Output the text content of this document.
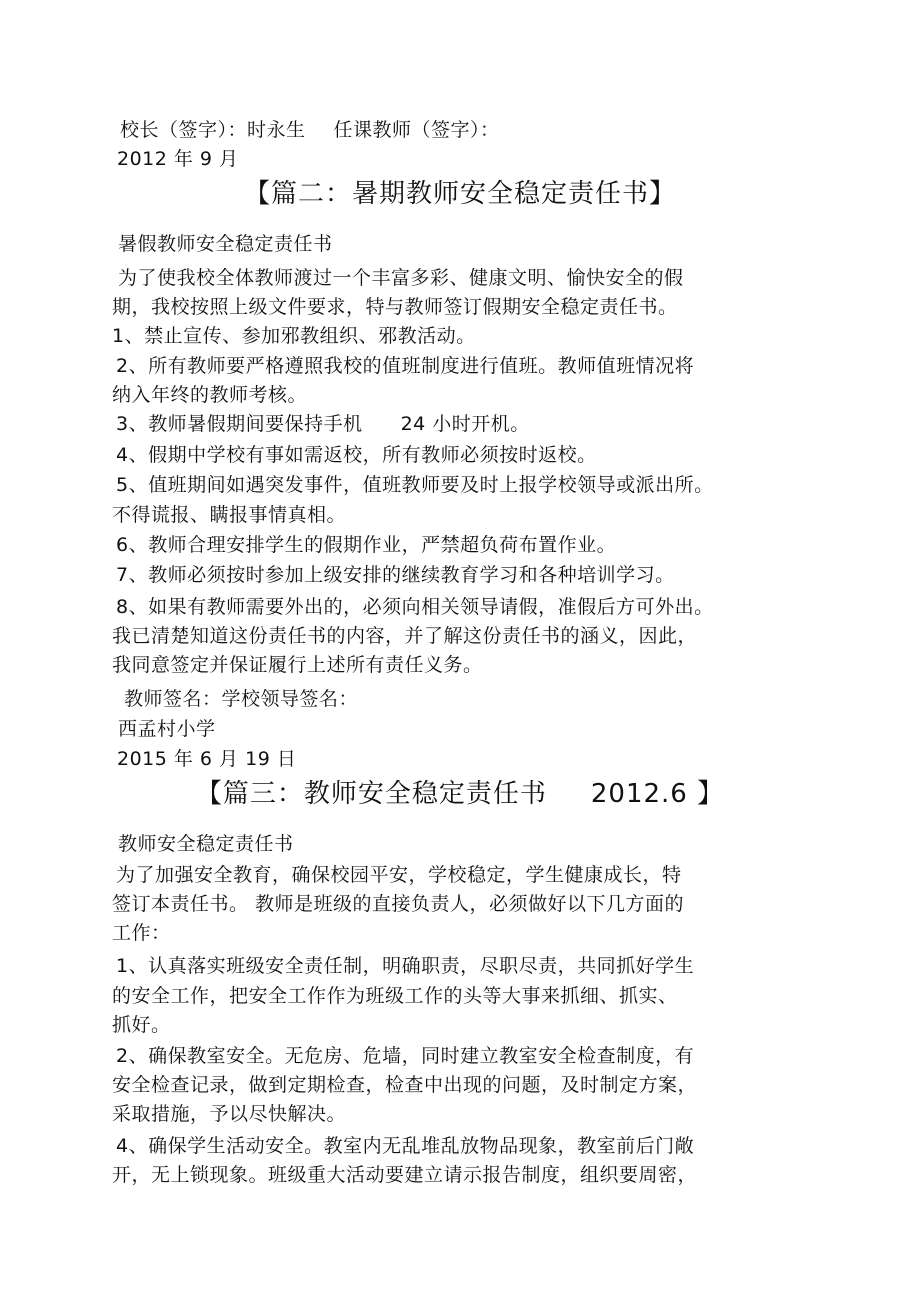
校长（签字）：时永生 任课教师（签字）：
2012 年 9 月
【篇二：暑期教师安全稳定责任书】
暑假教师安全稳定责任书
为了使我校全体教师渡过一个丰富多彩、健康文明、愉快安全的假
期，我校按照上级文件要求，特与教师签订假期安全稳定责任书。
1、禁止宣传、参加邪教组织、邪教活动。
2、所有教师要严格遵照我校的值班制度进行值班。教师值班情况将
纳入年终的教师考核。
3、教师暑假期间要保持手机 24 小时开机。
4、假期中学校有事如需返校，所有教师必须按时返校。
5、值班期间如遇突发事件，值班教师要及时上报学校领导或派出所。
不得谎报、瞒报事情真相。
6、教师合理安排学生的假期作业，严禁超负荷布置作业。
7、教师必须按时参加上级安排的继续教育学习和各种培训学习。
8、如果有教师需要外出的，必须向相关领导请假，准假后方可外出。
我已清楚知道这份责任书的内容，并了解这份责任书的涵义，因此，
我同意签定并保证履行上述所有责任义务。
教师签名：学校领导签名：
西孟村小学
2015 年 6 月 19 日
【篇三：教师安全稳定责任书 2012.6 】
教师安全稳定责任书
为了加强安全教育，确保校园平安，学校稳定，学生健康成长，特
签订本责任书。 教师是班级的直接负责人，必须做好以下几方面的
工作：
1、认真落实班级安全责任制，明确职责，尽职尽责，共同抓好学生
的安全工作，把安全工作作为班级工作的头等大事来抓细、抓实、
抓好。
2、确保教室安全。无危房、危墙，同时建立教室安全检查制度，有
安全检查记录，做到定期检查，检查中出现的问题，及时制定方案，
采取措施，予以尽快解决。
4、确保学生活动安全。教室内无乱堆乱放物品现象，教室前后门敞
开，无上锁现象。班级重大活动要建立请示报告制度，组织要周密，
